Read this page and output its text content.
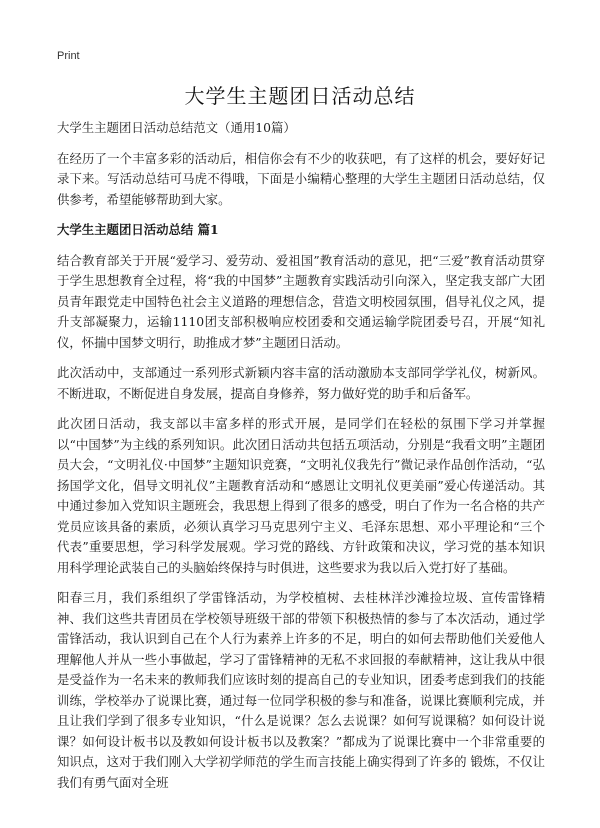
Print
大学生主题团日活动总结

大学生主题团日活动总结范文（通用10篇）

在经历了一个丰富多彩的活动后，相信你会有不少的收获吧，有了这样的机会，要好好记录下来。写活动总结可马虎不得哦，下面是小编精心整理的大学生主题团日活动总结，仅供参考，希望能够帮助到大家。

大学生主题团日活动总结 篇1

结合教育部关于开展“爱学习、爱劳动、爱祖国”教育活动的意见，把“三爱”教育活动贯穿于学生思想教育全过程，将“我的中国梦”主题教育实践活动引向深入，坚定我支部广大团员青年跟党走中国特色社会主义道路的理想信念，营造文明校园氛围，倡导礼仪之风，提升支部凝聚力，运输1110团支部积极响应校团委和交通运输学院团委号召，开展“知礼仪，怀揣中国梦文明行，助推成才梦”主题团日活动。

此次活动中，支部通过一系列形式新颖内容丰富的活动激励本支部同学学礼仪，树新风。不断进取，不断促进自身发展，提高自身修养，努力做好党的助手和后备军。

此次团日活动，我支部以丰富多样的形式开展，是同学们在轻松的氛围下学习并掌握以“中国梦”为主线的系列知识。此次团日活动共包括五项活动，分别是“我看文明”主题团员大会，“文明礼仪·中国梦”主题知识竞赛，“文明礼仪我先行”微记录作品创作活动，“弘扬国学文化，倡导文明礼仪”主题教育活动和“感恩让文明礼仪更美丽”爱心传递活动。其中通过参加入党知识主题班会，我思想上得到了很多的感受，明白了作为一名合格的共产党员应该具备的素质，必须认真学习马克思列宁主义、毛泽东思想、邓小平理论和“三个代表”重要思想，学习科学发展观。学习党的路线、方针政策和决议，学习党的基本知识用科学理论武装自己的头脑始终保持与时俱进，这些要求为我以后入党打好了基础。

阳春三月，我们系组织了学雷锋活动，为学校植树、去桂林洋沙滩捡垃圾、宣传雷锋精神、我们这些共青团员在学校领导班级干部的带领下积极热情的参与了本次活动，通过学雷锋活动，我认识到自己在个人行为素养上许多的不足，明白的如何去帮助他们关爱他人理解他人并从一些小事做起，学习了雷锋精神的无私不求回报的奉献精神，这让我从中很是受益作为一名未来的教师我们应该时刻的提高自己的专业知识，团委考虑到我们的技能训练，学校举办了说课比赛，通过每一位同学积极的参与和准备，说课比赛顺利完成，并且让我们学到了很多专业知识，“什么是说课？怎么去说课？如何写说课稿？如何设计说课？如何设计板书以及教如何设计板书以及教案？”都成为了说课比赛中一个非常重要的知识点，这对于我们刚入大学初学师范的学生而言技能上确实得到了许多的 锻炼，不仅让我们有勇气面对全班
